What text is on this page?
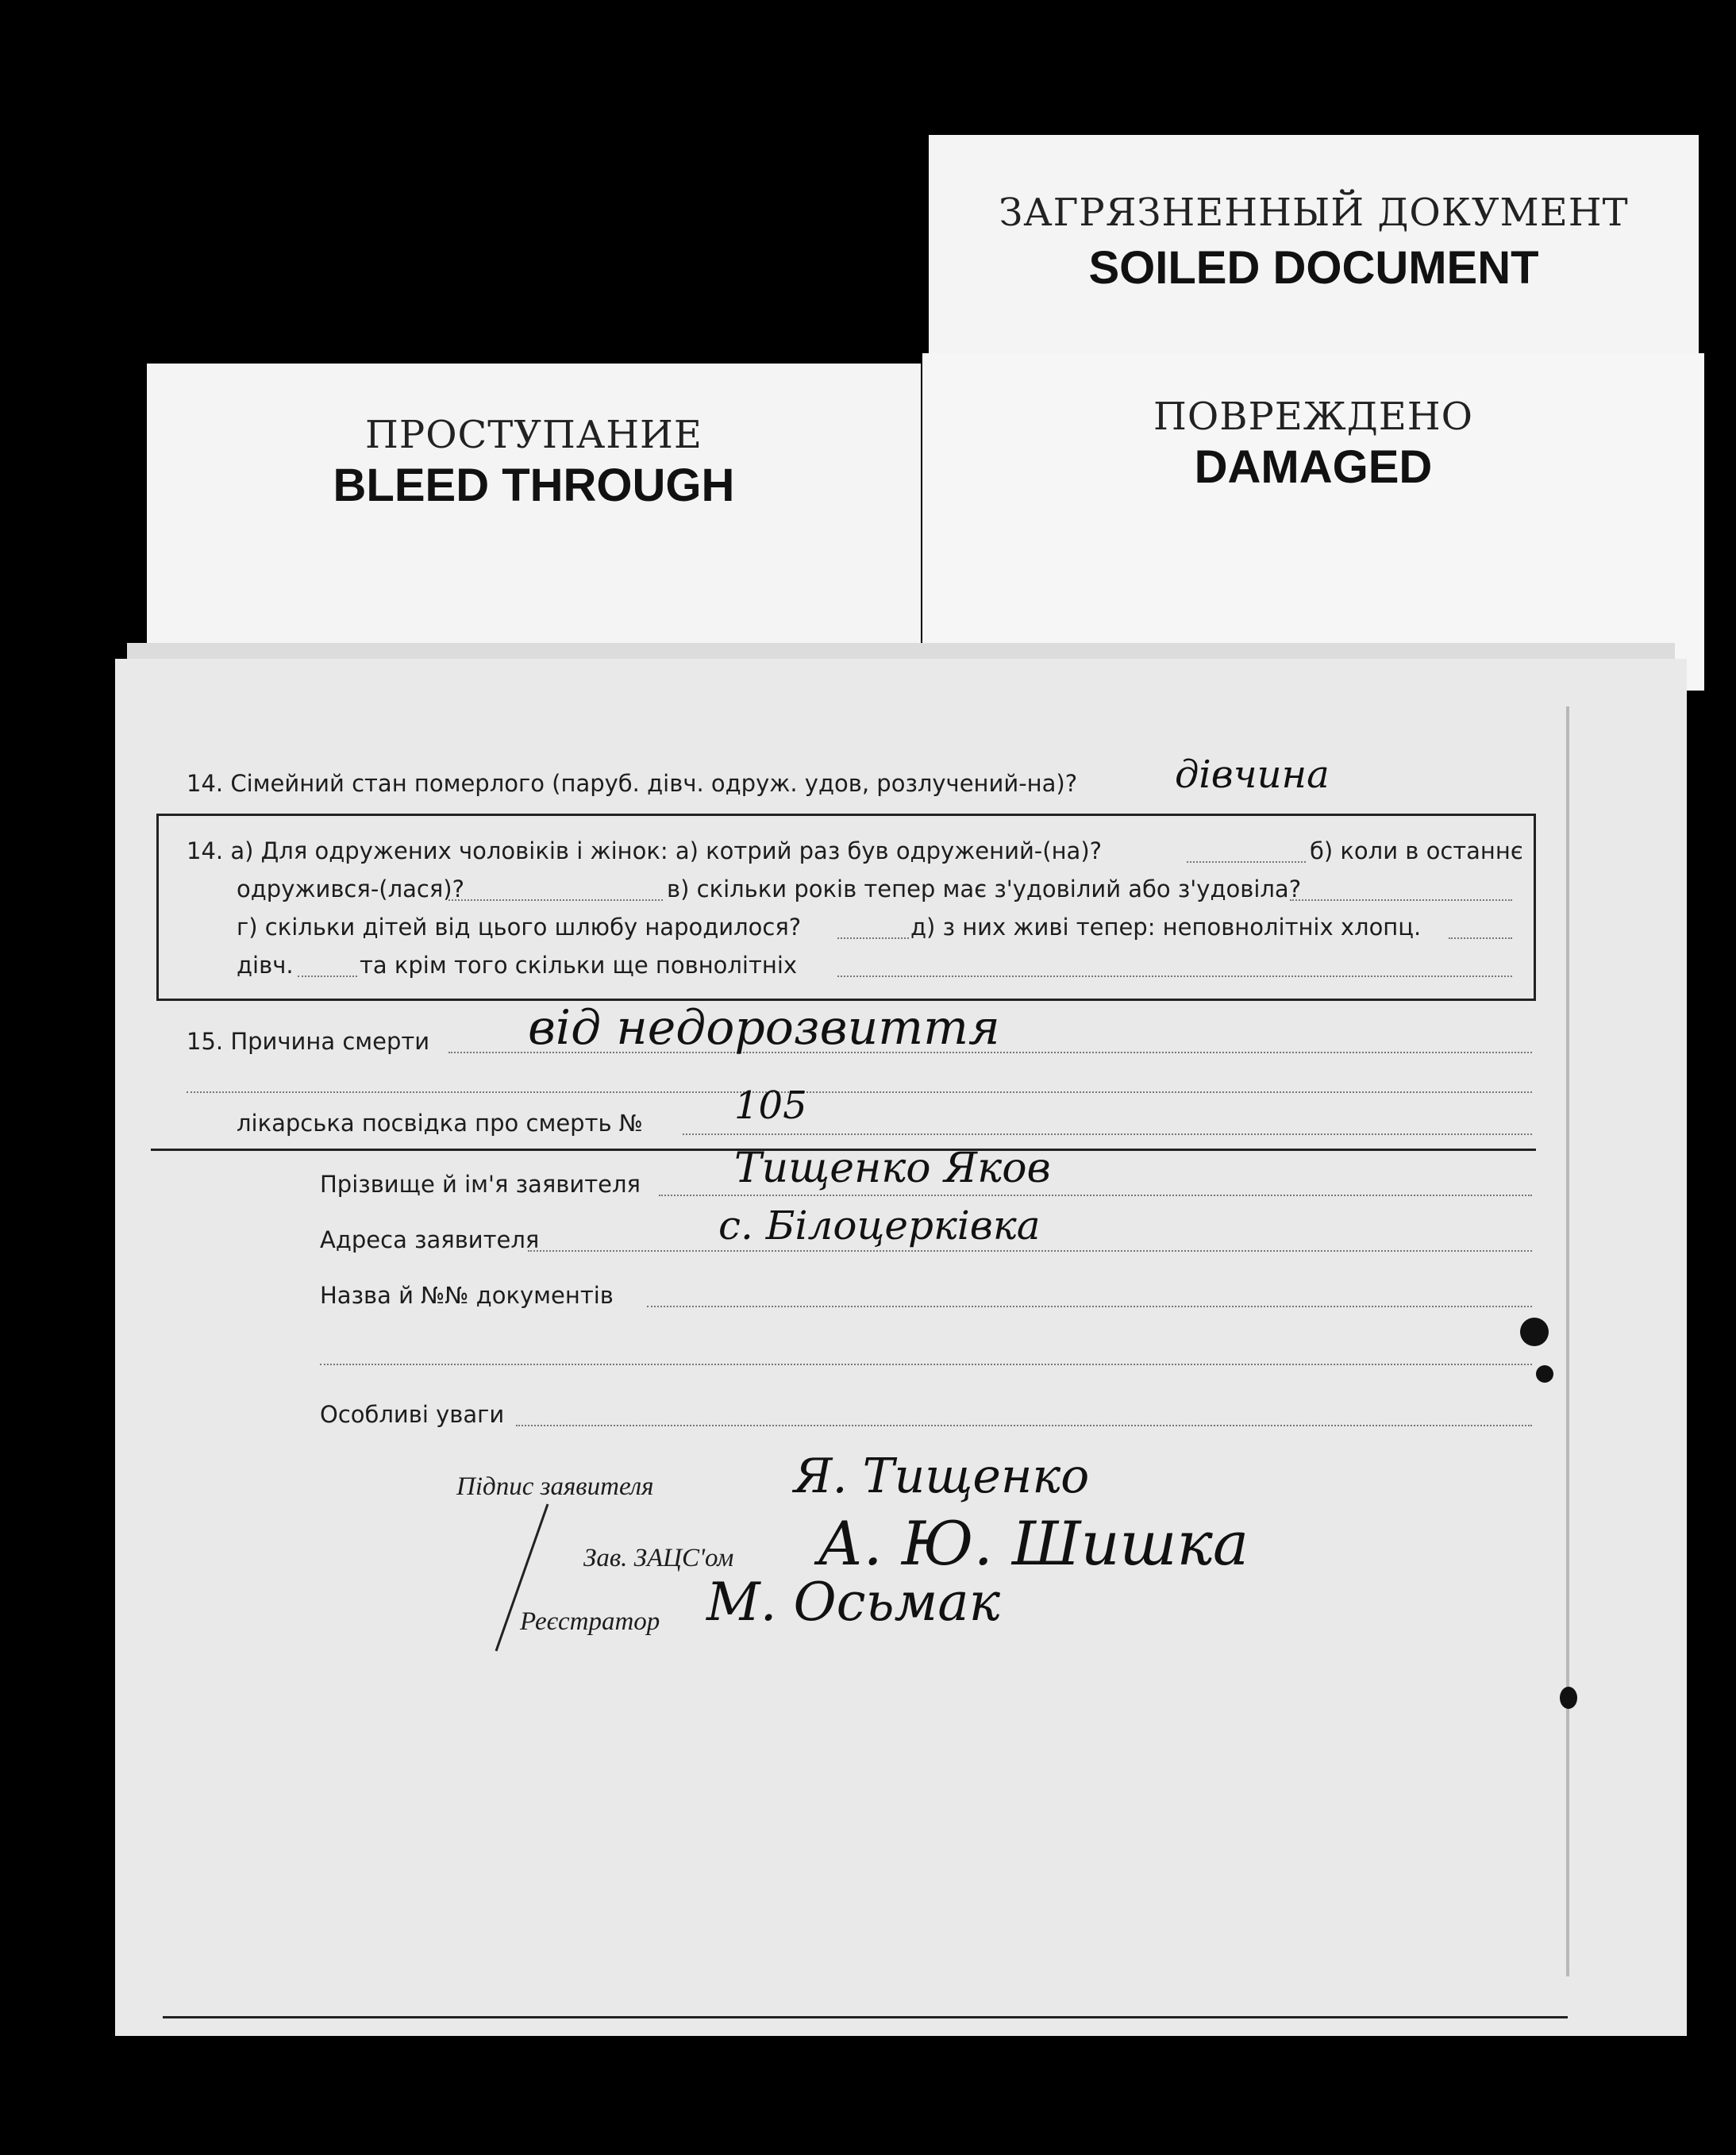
ЗАГРЯЗНЕННЫЙ ДОКУМЕНТ
SOILED DOCUMENT
ПОВРЕЖДЕНО
DAMAGED
ПРОСТУПАНИЕ
BLEED THROUGH
14. Сімейний стан померлого (паруб. дівч. одруж. удов, розлучений-на)?	дівчина
14. а) Для одружених чоловіків і жінок: а) котрий раз був одружений-(на)?	б) коли в останнє
одружився-(лася)?	в) скільки років тепер має з'удовілий або з'удовіла?
г) скільки дітей від цього шлюбу народилося?	д) з них живі тепер: неповнолітніх хлопц.
дівч.	та крім того скільки ще повнолітніх
15. Причина смерти від недорозвиття
лікарська посвідка про смерть № 105
Прізвище й ім'я заявителя Тищенко Яков
Адреса заявителя	с. Білоцерківка
Назва й №№ документів
Особливі уваги
Підпис заявителя	Я. Тищенко
Зав. ЗАЦС'ом А. Ю. Шишка
Реєстратор М. Осьмак
